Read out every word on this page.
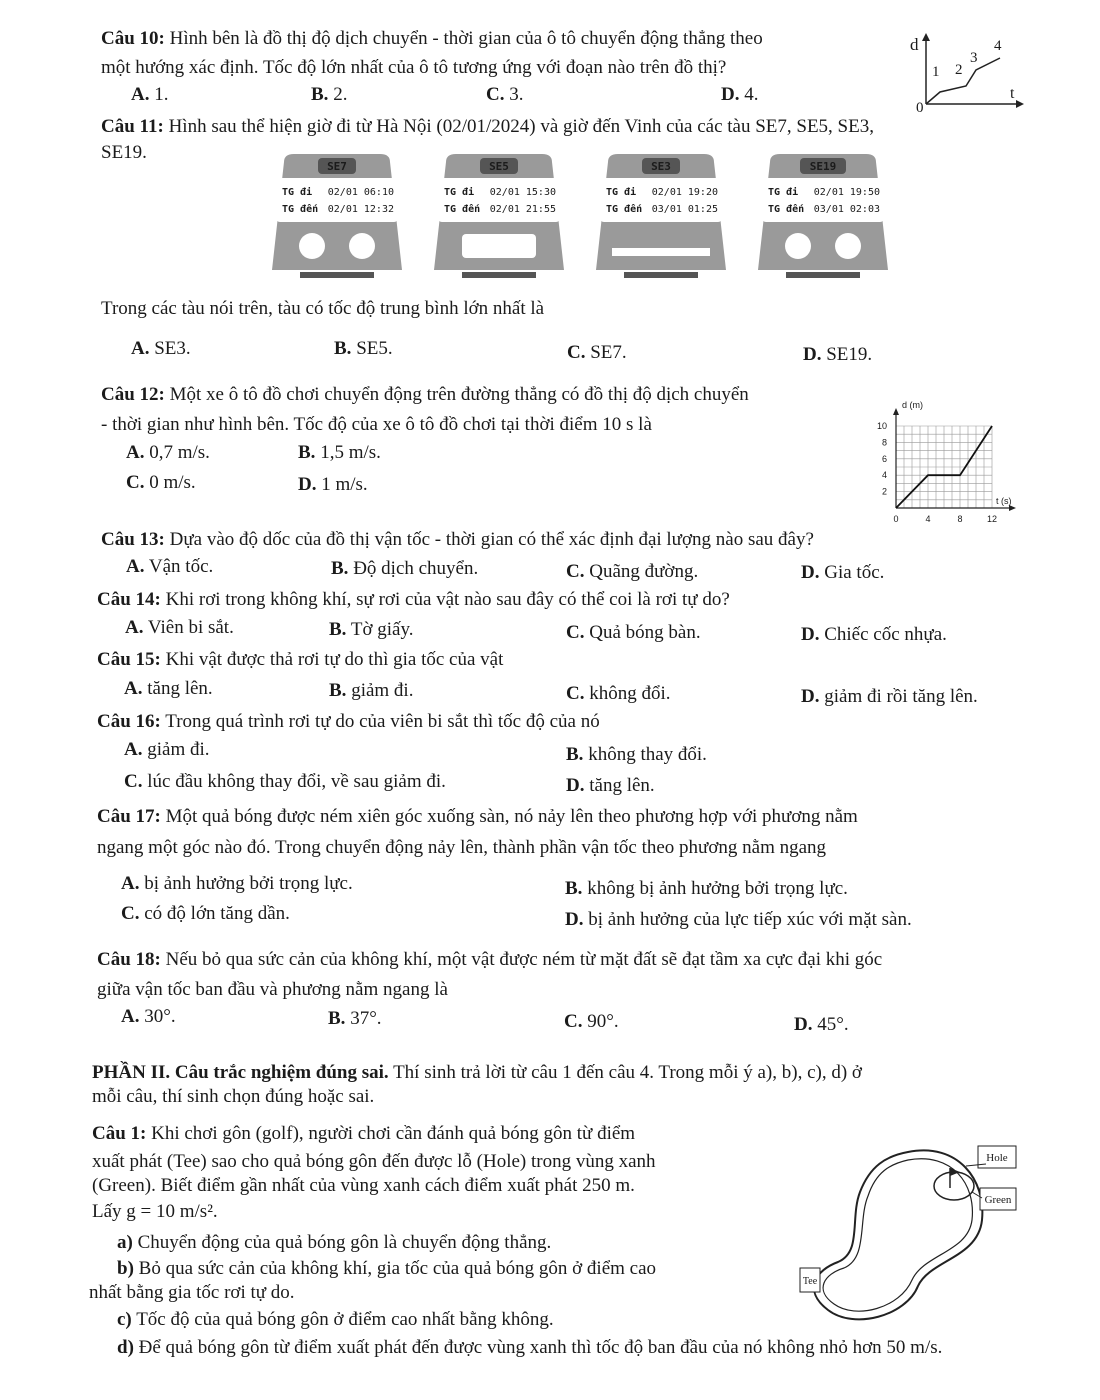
Câu 10: Hình bên là đồ thị độ dịch chuyển - thời gian của ô tô chuyển động thẳng theo
một hướng xác định. Tốc độ lớn nhất của ô tô tương ứng với đoạn nào trên đồ thị?
A. 1.	B. 2.	C. 3.	D. 4.
d
t
0
1 2
3
4
Câu 11: Hình sau thể hiện giờ đi từ Hà Nội (02/01/2024) và giờ đến Vinh của các tàu SE7, SE5, SE3,
SE19.
SE7
TG đi 02/01 06:10
TG đến 02/01 12:32
SE5
TG đi 02/01 15:30
TG đến 02/01 21:55
SE3
TG đi 02/01 19:20
TG đến 03/01 01:25
SE19
TG đi 02/01 19:50
TG đến 03/01 02:03
Trong các tàu nói trên, tàu có tốc độ trung bình lớn nhất là
A. SE3.	B. SE5.	C. SE7.	D. SE19.
Câu 12: Một xe ô tô đồ chơi chuyển động trên đường thẳng có đồ thị độ dịch chuyển
- thời gian như hình bên. Tốc độ của xe ô tô đồ chơi tại thời điểm 10 s là
A. 0,7 m/s.	B. 1,5 m/s.
C. 0 m/s.	D. 1 m/s.
0	4	8	12
2
4
6
8
10
d (m)
t (s)
Câu 13: Dựa vào độ dốc của đồ thị vận tốc - thời gian có thể xác định đại lượng nào sau đây?
A. Vận tốc.	B. Độ dịch chuyển.	C. Quãng đường.	D. Gia tốc.
Câu 14: Khi rơi trong không khí, sự rơi của vật nào sau đây có thể coi là rơi tự do?
A. Viên bi sắt.	B. Tờ giấy.	C. Quả bóng bàn.	D. Chiếc cốc nhựa.
Câu 15: Khi vật được thả rơi tự do thì gia tốc của vật
A. tăng lên.	B. giảm đi.	C. không đổi.	D. giảm đi rồi tăng lên.
Câu 16: Trong quá trình rơi tự do của viên bi sắt thì tốc độ của nó
A. giảm đi.	B. không thay đổi.
C. lúc đầu không thay đổi, về sau giảm đi.	D. tăng lên.
Câu 17: Một quả bóng được ném xiên góc xuống sàn, nó nảy lên theo phương hợp với phương nằm
ngang một góc nào đó. Trong chuyển động nảy lên, thành phần vận tốc theo phương nằm ngang
A. bị ảnh hưởng bởi trọng lực.	B. không bị ảnh hưởng bởi trọng lực.
C. có độ lớn tăng dần.	D. bị ảnh hưởng của lực tiếp xúc với mặt sàn.
Câu 18: Nếu bỏ qua sức cản của không khí, một vật được ném từ mặt đất sẽ đạt tầm xa cực đại khi góc
giữa vận tốc ban đầu và phương nằm ngang là
A. 30°.	B. 37°.	C. 90°.	D. 45°.
PHẦN II. Câu trắc nghiệm đúng sai. Thí sinh trả lời từ câu 1 đến câu 4. Trong mỗi ý a), b), c), d) ở
mỗi câu, thí sinh chọn đúng hoặc sai.
Câu 1: Khi chơi gôn (golf), người chơi cần đánh quả bóng gôn từ điểm
xuất phát (Tee) sao cho quả bóng gôn đến được lỗ (Hole) trong vùng xanh
(Green). Biết điểm gần nhất của vùng xanh cách điểm xuất phát 250 m.
Lấy g = 10 m/s².
a) Chuyển động của quả bóng gôn là chuyển động thẳng.
b) Bỏ qua sức cản của không khí, gia tốc của quả bóng gôn ở điểm cao
nhất bằng gia tốc rơi tự do.
c) Tốc độ của quả bóng gôn ở điểm cao nhất bằng không.
d) Để quả bóng gôn từ điểm xuất phát đến được vùng xanh thì tốc độ ban đầu của nó không nhỏ hơn 50 m/s.
Hole
Green
Tee
